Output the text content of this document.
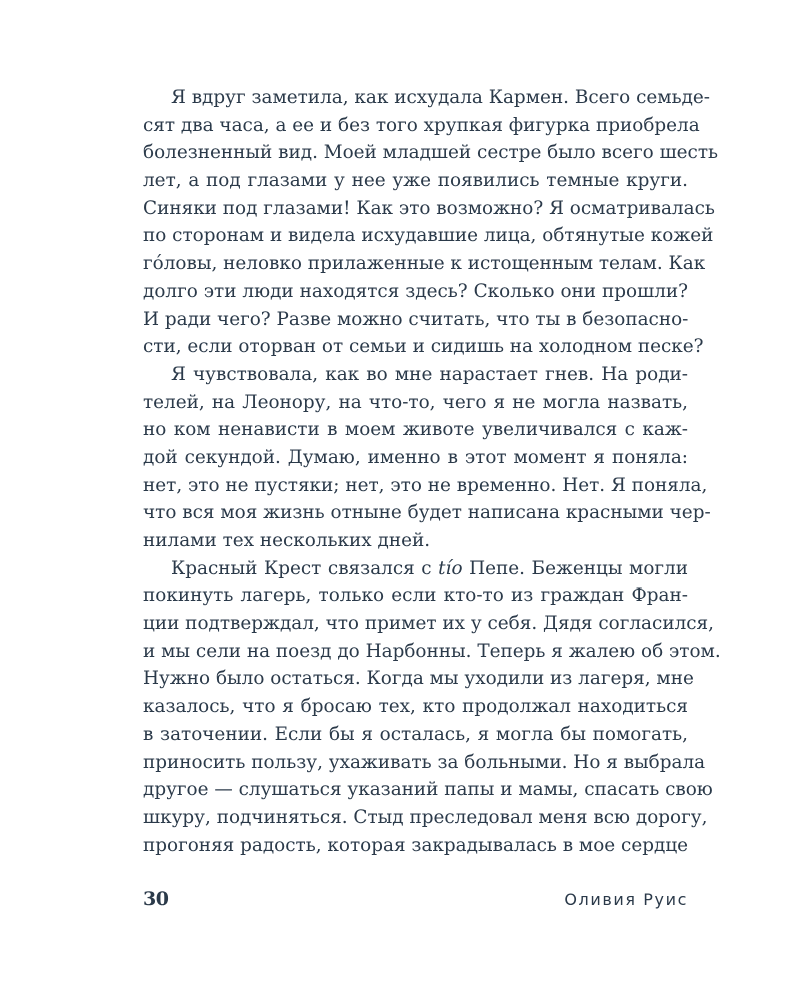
Я вдруг заметила, как исхудала Кармен. Всего семьде-
сят два часа, а ее и без того хрупкая фигурка приобрела
болезненный вид. Моей младшей сестре было всего шесть
лет, а под глазами у нее уже появились темные круги.
Синяки под глазами! Как это возможно? Я осматривалась
по сторонам и видела исхудавшие лица, обтянутые кожей
гóловы, неловко прилаженные к истощенным телам. Как
долго эти люди находятся здесь? Сколько они прошли?
И ради чего? Разве можно считать, что ты в безопасно-
сти, если оторван от семьи и сидишь на холодном песке?
Я чувствовала, как во мне нарастает гнев. На роди-
телей, на Леонору, на что-то, чего я не могла назвать,
но ком ненависти в моем животе увеличивался с каж-
дой секундой. Думаю, именно в этот момент я поняла:
нет, это не пустяки; нет, это не временно. Нет. Я поняла,
что вся моя жизнь отныне будет написана красными чер-
нилами тех нескольких дней.
Красный Крест связался с tío Пепе. Беженцы могли
покинуть лагерь, только если кто-то из граждан Фран-
ции подтверждал, что примет их у себя. Дядя согласился,
и мы сели на поезд до Нарбонны. Теперь я жалею об этом.
Нужно было остаться. Когда мы уходили из лагеря, мне
казалось, что я бросаю тех, кто продолжал находиться
в заточении. Если бы я осталась, я могла бы помогать,
приносить пользу, ухаживать за больными. Но я выбрала
другое — слушаться указаний папы и мамы, спасать свою
шкуру, подчиняться. Стыд преследовал меня всю дорогу,
прогоняя радость, которая закрадывалась в мое сердце
30	Оливия Руис
